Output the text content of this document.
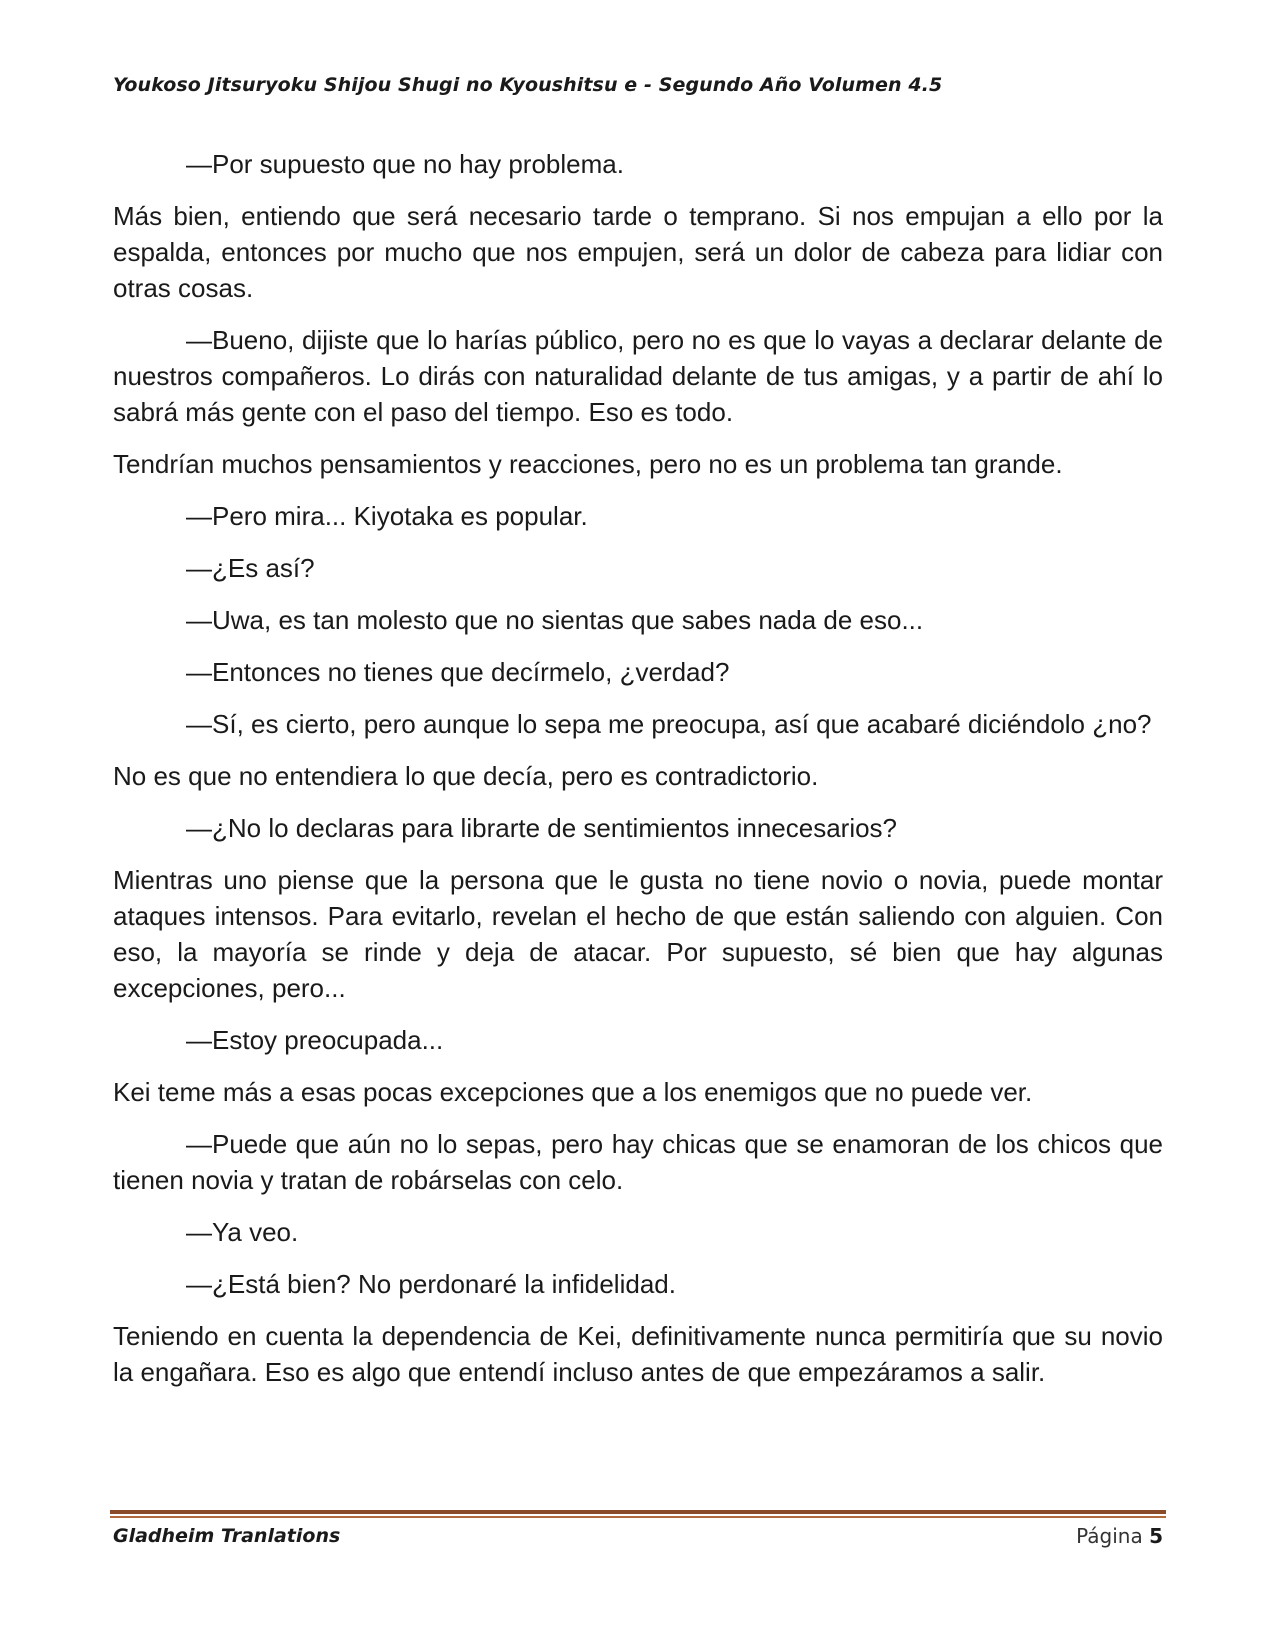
Youkoso Jitsuryoku Shijou Shugi no Kyoushitsu e - Segundo Año Volumen 4.5

—Por supuesto que no hay problema.

Más bien, entiendo que será necesario tarde o temprano. Si nos empujan a ello por la espalda, entonces por mucho que nos empujen, será un dolor de cabeza para lidiar con otras cosas.

—Bueno, dijiste que lo harías público, pero no es que lo vayas a declarar delante de nuestros compañeros. Lo dirás con naturalidad delante de tus amigas, y a partir de ahí lo sabrá más gente con el paso del tiempo. Eso es todo.

Tendrían muchos pensamientos y reacciones, pero no es un problema tan grande.

—Pero mira... Kiyotaka es popular.

—¿Es así?

—Uwa, es tan molesto que no sientas que sabes nada de eso...

—Entonces no tienes que decírmelo, ¿verdad?

—Sí, es cierto, pero aunque lo sepa me preocupa, así que acabaré diciéndolo ¿no?

No es que no entendiera lo que decía, pero es contradictorio.

—¿No lo declaras para librarte de sentimientos innecesarios?

Mientras uno piense que la persona que le gusta no tiene novio o novia, puede montar ataques intensos. Para evitarlo, revelan el hecho de que están saliendo con alguien. Con eso, la mayoría se rinde y deja de atacar. Por supuesto, sé bien que hay algunas excepciones, pero...

—Estoy preocupada...

Kei teme más a esas pocas excepciones que a los enemigos que no puede ver.

—Puede que aún no lo sepas, pero hay chicas que se enamoran de los chicos que tienen novia y tratan de robárselas con celo.

—Ya veo.

—¿Está bien? No perdonaré la infidelidad.

Teniendo en cuenta la dependencia de Kei, definitivamente nunca permitiría que su novio la engañara. Eso es algo que entendí incluso antes de que empezáramos a salir.

Gladheim Tranlations	Página 5
